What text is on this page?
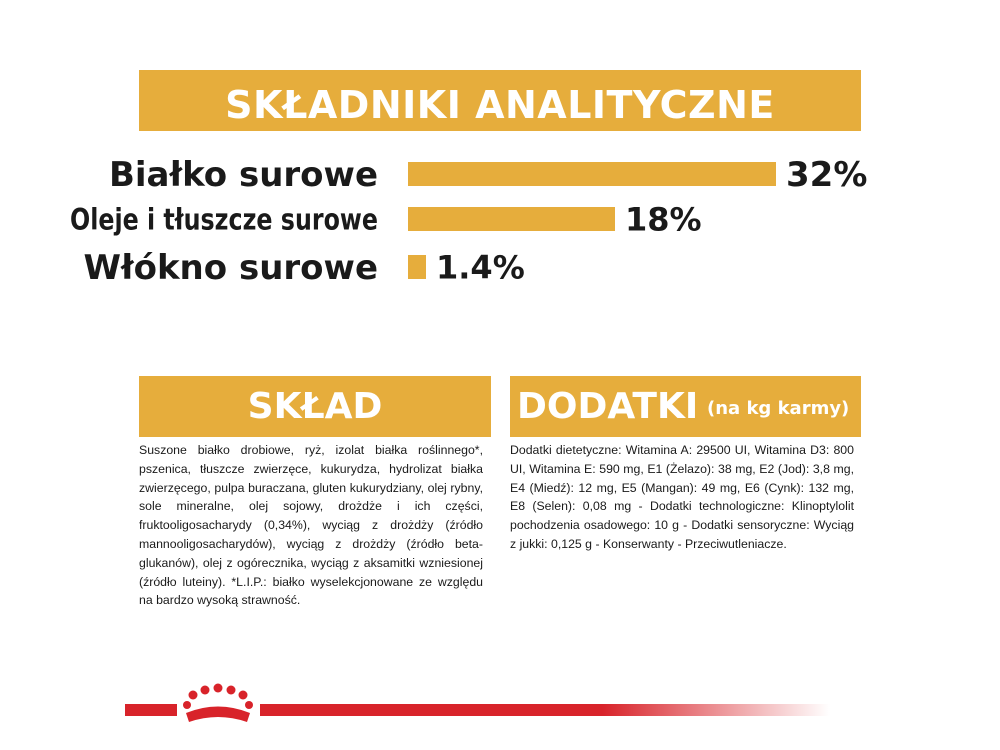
SKŁADNIKI ANALITYCZNE
Białko surowe	32%
Oleje i tłuszcze surowe	18%
Włókno surowe 1.4%
SKŁAD
Suszone białko drobiowe, ryż, izolat białka roślinnego*, pszenica, tłuszcze zwierzęce, kukurydza, hydrolizat białka zwierzęcego, pulpa buraczana, gluten kukurydziany, olej rybny, sole mineralne, olej sojowy, drożdże i ich części, fruktooligosacharydy (0,34%), wyciąg z drożdży (źródło mannooligosacharydów), wyciąg z drożdży (źródło beta-glukanów), olej z ogórecznika, wyciąg z aksamitki wzniesionej (źródło luteiny). *L.I.P.: białko wyselekcjonowane ze względu na bardzo wysoką strawność.
DODATKI (na kg karmy)
Dodatki dietetyczne: Witamina A: 29500 UI, Witamina D3: 800 UI, Witamina E: 590 mg, E1 (Żelazo): 38 mg, E2 (Jod): 3,8 mg, E4 (Miedź): 12 mg, E5 (Mangan): 49 mg, E6 (Cynk): 132 mg, E8 (Selen): 0,08 mg - Dodatki technologiczne: Klinoptylolit pochodzenia osadowego: 10 g - Dodatki sensoryczne: Wyciąg z jukki: 0,125 g - Konserwanty - Przeciwutleniacze.
